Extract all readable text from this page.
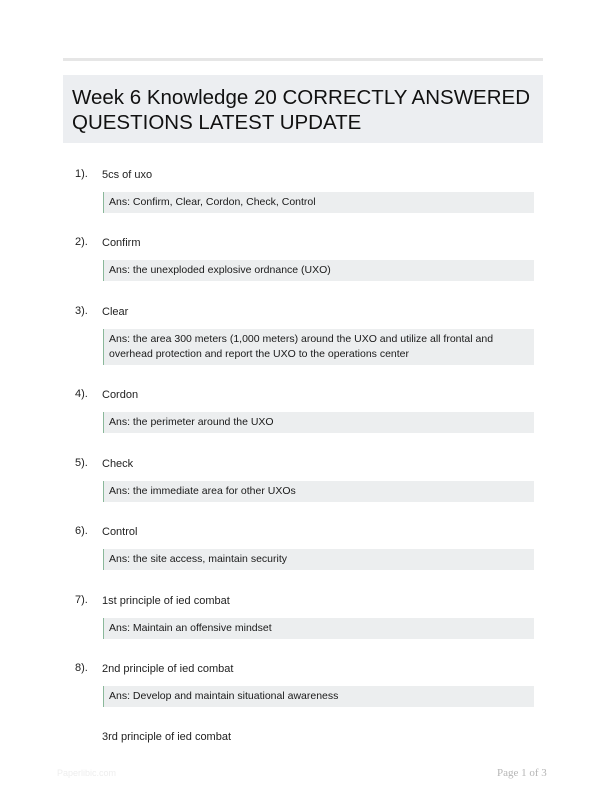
Week 6 Knowledge 20 CORRECTLY ANSWERED QUESTIONS LATEST UPDATE
1). 5cs of uxo
Ans: Confirm, Clear, Cordon, Check, Control
2). Confirm
Ans: the unexploded explosive ordnance (UXO)
3). Clear
Ans: the area 300 meters (1,000 meters) around the UXO and utilize all frontal and overhead protection and report the UXO to the operations center
4). Cordon
Ans: the perimeter around the UXO
5). Check
Ans: the immediate area for other UXOs
6). Control
Ans: the site access, maintain security
7). 1st principle of ied combat
Ans: Maintain an offensive mindset
8). 2nd principle of ied combat
Ans: Develop and maintain situational awareness
3rd principle of ied combat
Paperlibic.com	Page 1 of 3
